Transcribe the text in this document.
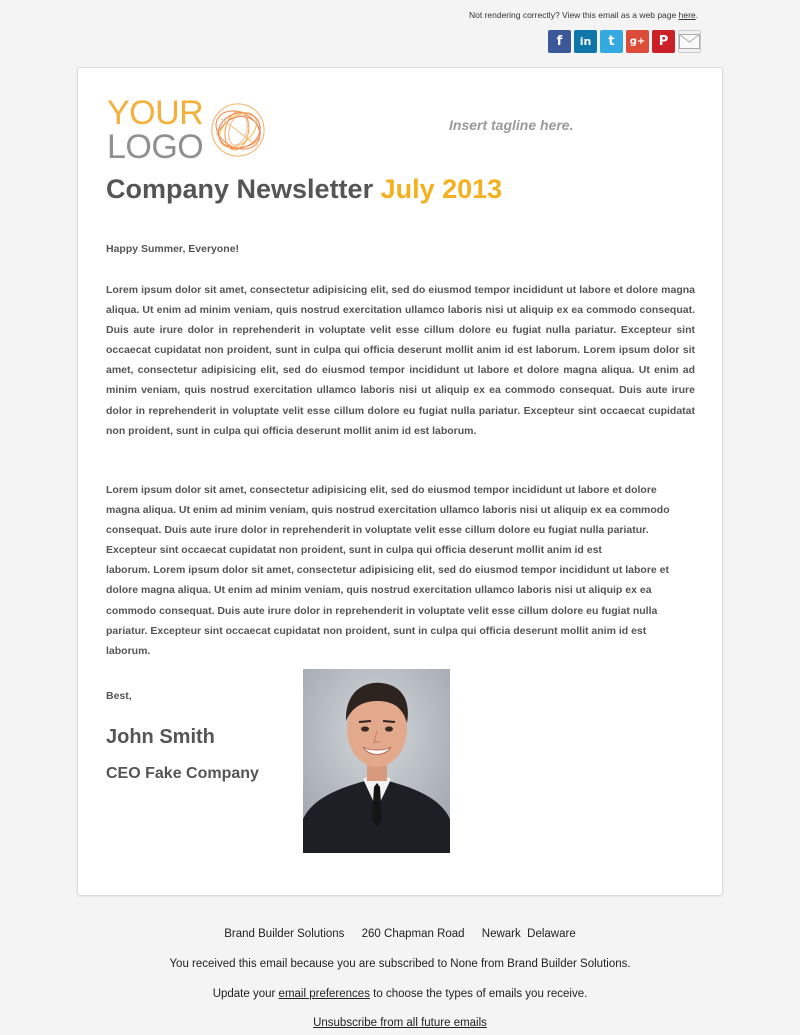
Not rendering correctly? View this email as a web page here.
f in t g+ P
YOUR
LOGO
Insert tagline here.
Company Newsletter July 2013

Happy Summer, Everyone!

Lorem ipsum dolor sit amet, consectetur adipisicing elit, sed do eiusmod tempor incididunt ut labore et dolore magna aliqua. Ut enim ad minim veniam, quis nostrud exercitation ullamco laboris nisi ut aliquip ex ea commodo consequat. Duis aute irure dolor in reprehenderit in voluptate velit esse cillum dolore eu fugiat nulla pariatur. Excepteur sint occaecat cupidatat non proident, sunt in culpa qui officia deserunt mollit anim id est laborum. Lorem ipsum dolor sit amet, consectetur adipisicing elit, sed do eiusmod tempor incididunt ut labore et dolore magna aliqua. Ut enim ad minim veniam, quis nostrud exercitation ullamco laboris nisi ut aliquip ex ea commodo consequat. Duis aute irure dolor in reprehenderit in voluptate velit esse cillum dolore eu fugiat nulla pariatur. Excepteur sint occaecat cupidatat non proident, sunt in culpa qui officia deserunt mollit anim id est laborum.

Lorem ipsum dolor sit amet, consectetur adipisicing elit, sed do eiusmod tempor incididunt ut labore et dolore
magna aliqua. Ut enim ad minim veniam, quis nostrud exercitation ullamco laboris nisi ut aliquip ex ea commodo
consequat. Duis aute irure dolor in reprehenderit in voluptate velit esse cillum dolore eu fugiat nulla pariatur.
Excepteur sint occaecat cupidatat non proident, sunt in culpa qui officia deserunt mollit anim id est
laborum. Lorem ipsum dolor sit amet, consectetur adipisicing elit, sed do eiusmod tempor incididunt ut labore et
dolore magna aliqua. Ut enim ad minim veniam, quis nostrud exercitation ullamco laboris nisi ut aliquip ex ea
commodo consequat. Duis aute irure dolor in reprehenderit in voluptate velit esse cillum dolore eu fugiat nulla
pariatur. Excepteur sint occaecat cupidatat non proident, sunt in culpa qui officia deserunt mollit anim id est
laborum.

Best,

John Smith

CEO Fake Company

Brand Builder Solutions 260 Chapman Road Newark  Delaware
You received this email because you are subscribed to None from Brand Builder Solutions.
Update your email preferences to choose the types of emails you receive.
Unsubscribe from all future emails
